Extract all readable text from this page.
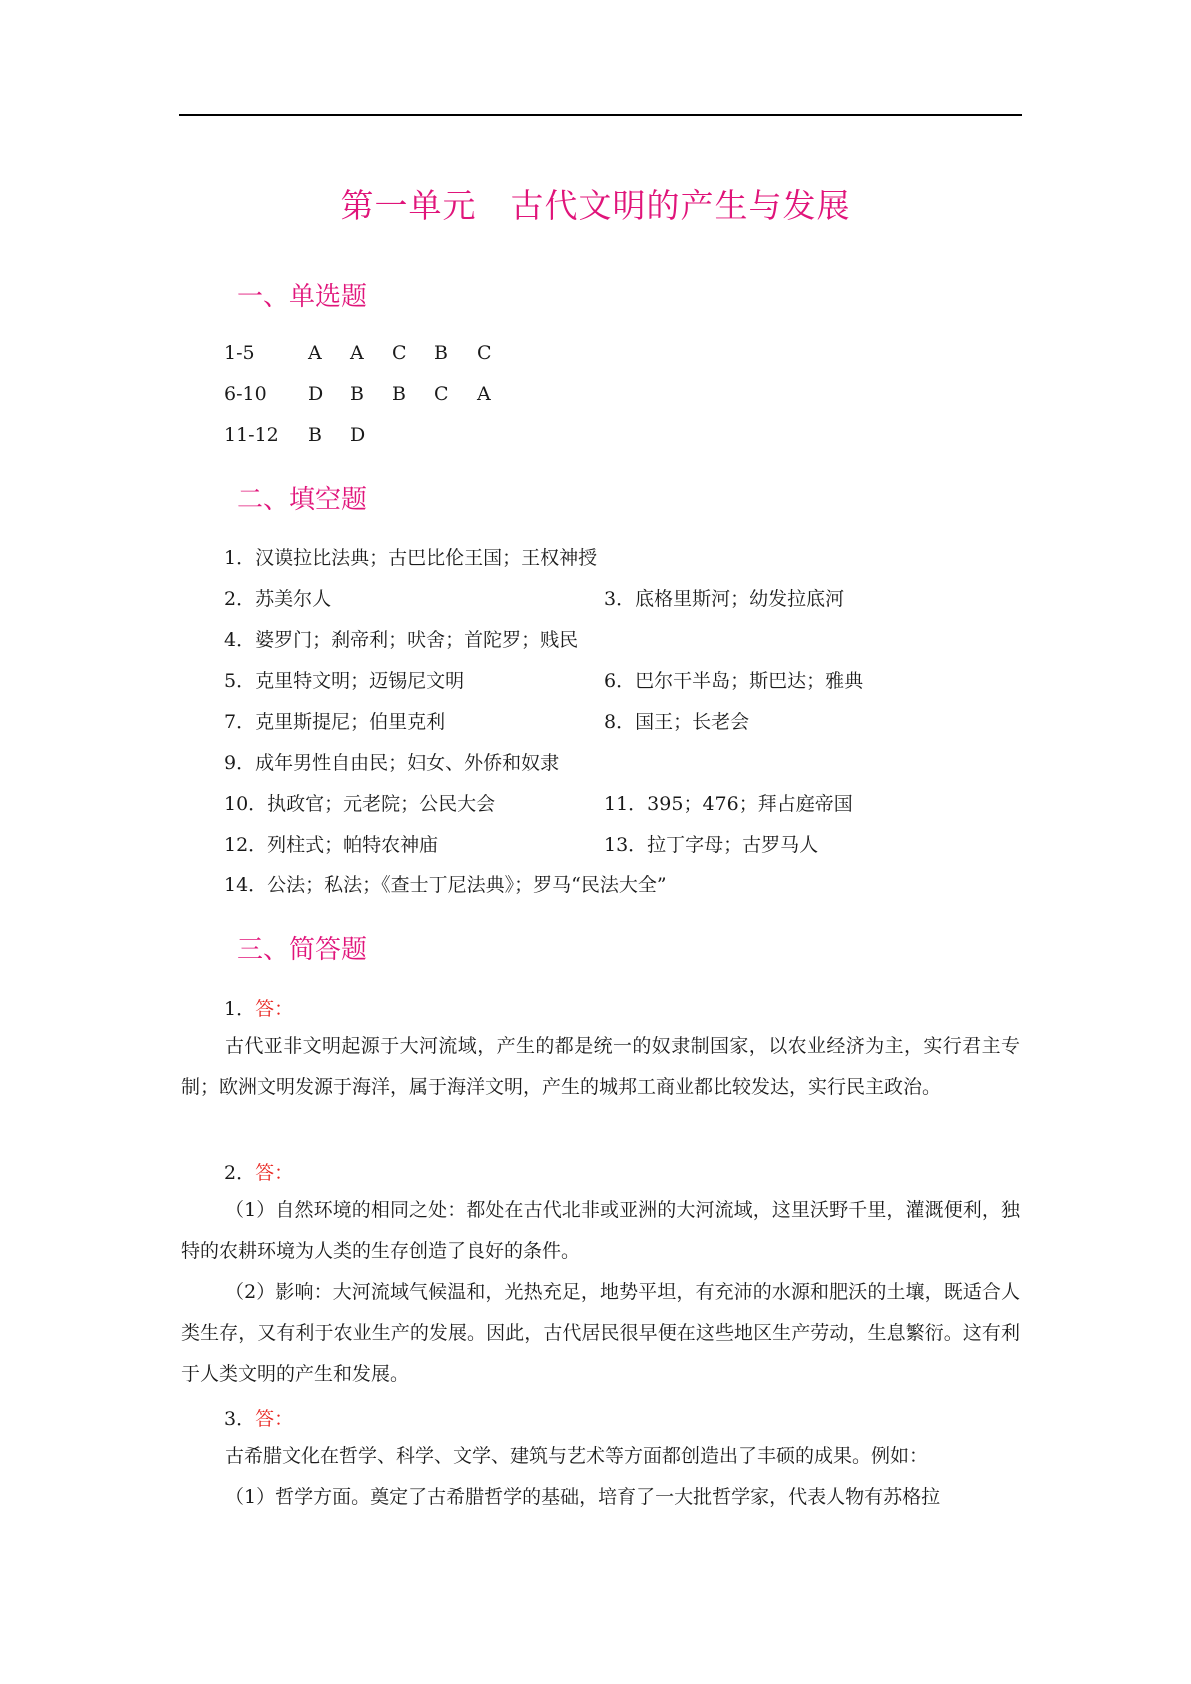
第一单元　古代文明的产生与发展
一、单选题
1-5	A A C B C
6-10 D B B C A
11-12 B D
二、填空题
1．汉谟拉比法典；古巴比伦王国；王权神授
2．苏美尔人	3．底格里斯河；幼发拉底河
4．婆罗门；刹帝利；吠舍；首陀罗；贱民
5．克里特文明；迈锡尼文明	6．巴尔干半岛；斯巴达；雅典
7．克里斯提尼；伯里克利	8．国王；长老会
9．成年男性自由民；妇女、外侨和奴隶
10．执政官；元老院；公民大会	11．395；476；拜占庭帝国
12．列柱式；帕特农神庙	13．拉丁字母；古罗马人
14．公法；私法；《查士丁尼法典》；罗马“民法大全”
三、简答题
1．答：
古代亚非文明起源于大河流域，产生的都是统一的奴隶制国家，以农业经济为主，实行君主专制；欧洲文明发源于海洋，属于海洋文明，产生的城邦工商业都比较发达，实行民主政治。
2．答：
（1）自然环境的相同之处：都处在古代北非或亚洲的大河流域，这里沃野千里，灌溉便利，独特的农耕环境为人类的生存创造了良好的条件。
（2）影响：大河流域气候温和，光热充足，地势平坦，有充沛的水源和肥沃的土壤，既适合人类生存，又有利于农业生产的发展。因此，古代居民很早便在这些地区生产劳动，生息繁衍。这有利于人类文明的产生和发展。
3．答：
古希腊文化在哲学、科学、文学、建筑与艺术等方面都创造出了丰硕的成果。例如：
（1）哲学方面。奠定了古希腊哲学的基础，培育了一大批哲学家，代表人物有苏格拉
